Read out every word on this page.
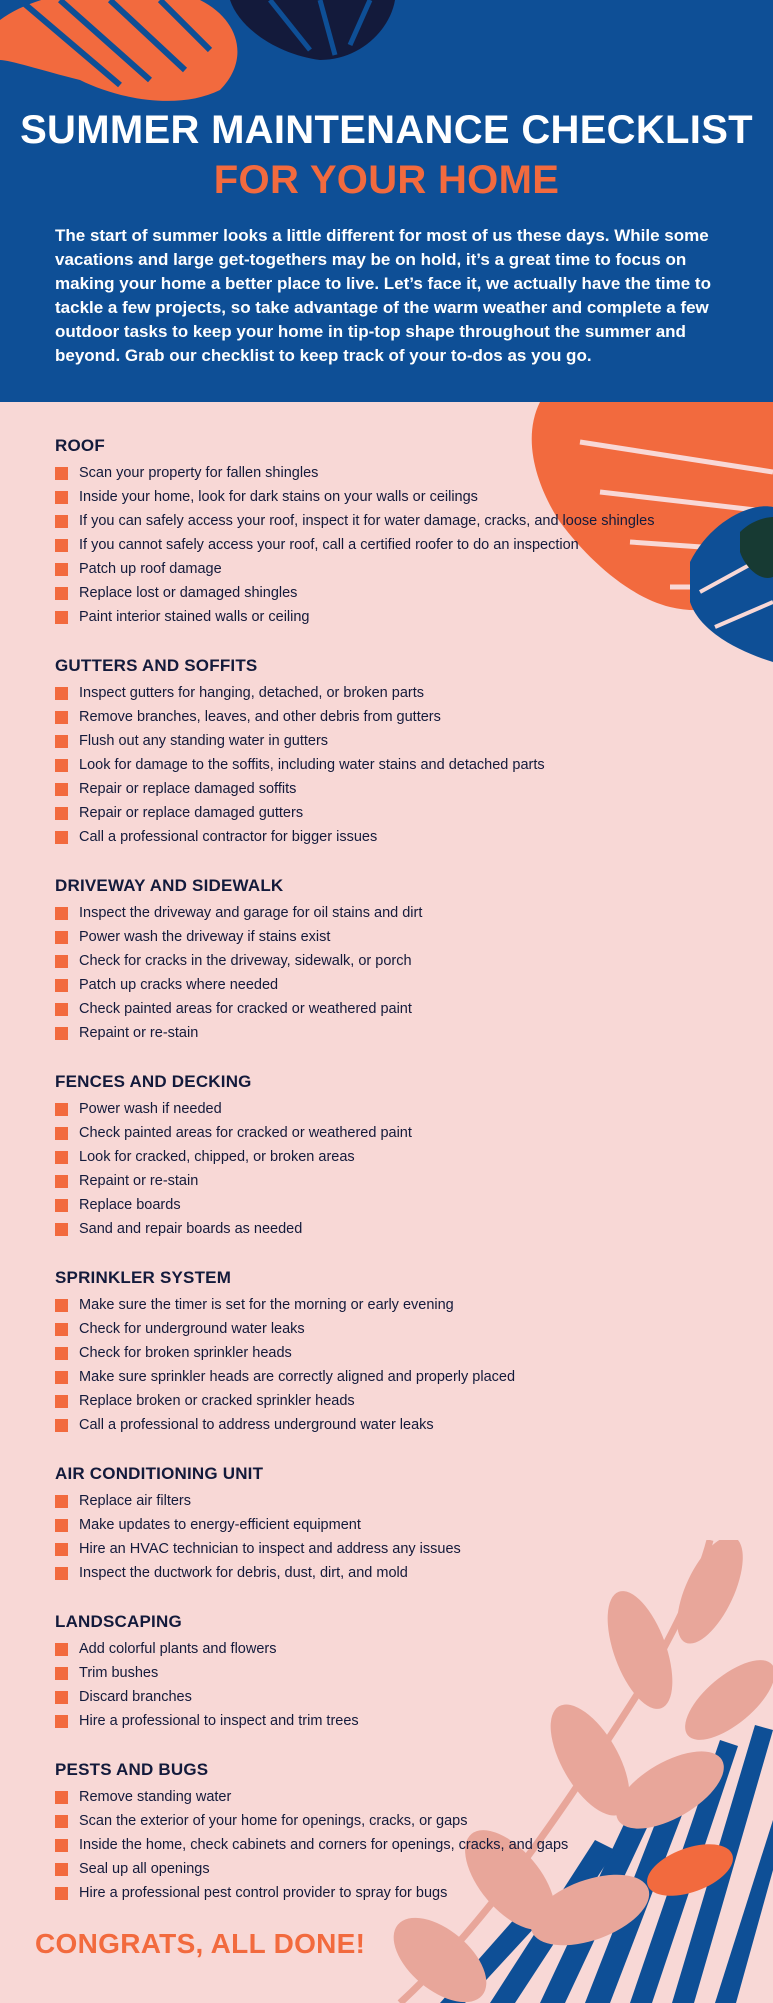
SUMMER MAINTENANCE CHECKLIST
FOR YOUR HOME
The start of summer looks a little different for most of us these days. While some vacations and large get-togethers may be on hold, it’s a great time to focus on making your home a better place to live. Let’s face it, we actually have the time to tackle a few projects, so take advantage of the warm weather and complete a few outdoor tasks to keep your home in tip-top shape throughout the summer and beyond. Grab our checklist to keep track of your to-dos as you go.
ROOF
Scan your property for fallen shingles
Inside your home, look for dark stains on your walls or ceilings
If you can safely access your roof, inspect it for water damage, cracks, and loose shingles
If you cannot safely access your roof, call a certified roofer to do an inspection
Patch up roof damage
Replace lost or damaged shingles
Paint interior stained walls or ceiling
GUTTERS AND SOFFITS
Inspect gutters for hanging, detached, or broken parts
Remove branches, leaves, and other debris from gutters
Flush out any standing water in gutters
Look for damage to the soffits, including water stains and detached parts
Repair or replace damaged soffits
Repair or replace damaged gutters
Call a professional contractor for bigger issues
DRIVEWAY AND SIDEWALK
Inspect the driveway and garage for oil stains and dirt
Power wash the driveway if stains exist
Check for cracks in the driveway, sidewalk, or porch
Patch up cracks where needed
Check painted areas for cracked or weathered paint
Repaint or re-stain
FENCES AND DECKING
Power wash if needed
Check painted areas for cracked or weathered paint
Look for cracked, chipped, or broken areas
Repaint or re-stain
Replace boards
Sand and repair boards as needed
SPRINKLER SYSTEM
Make sure the timer is set for the morning or early evening
Check for underground water leaks
Check for broken sprinkler heads
Make sure sprinkler heads are correctly aligned and properly placed
Replace broken or cracked sprinkler heads
Call a professional to address underground water leaks
AIR CONDITIONING UNIT
Replace air filters
Make updates to energy-efficient equipment
Hire an HVAC technician to inspect and address any issues
Inspect the ductwork for debris, dust, dirt, and mold
LANDSCAPING
Add colorful plants and flowers
Trim bushes
Discard branches
Hire a professional to inspect and trim trees
PESTS AND BUGS
Remove standing water
Scan the exterior of your home for openings, cracks, or gaps
Inside the home, check cabinets and corners for openings, cracks, and gaps
Seal up all openings
Hire a professional pest control provider to spray for bugs
CONGRATS, ALL DONE!
